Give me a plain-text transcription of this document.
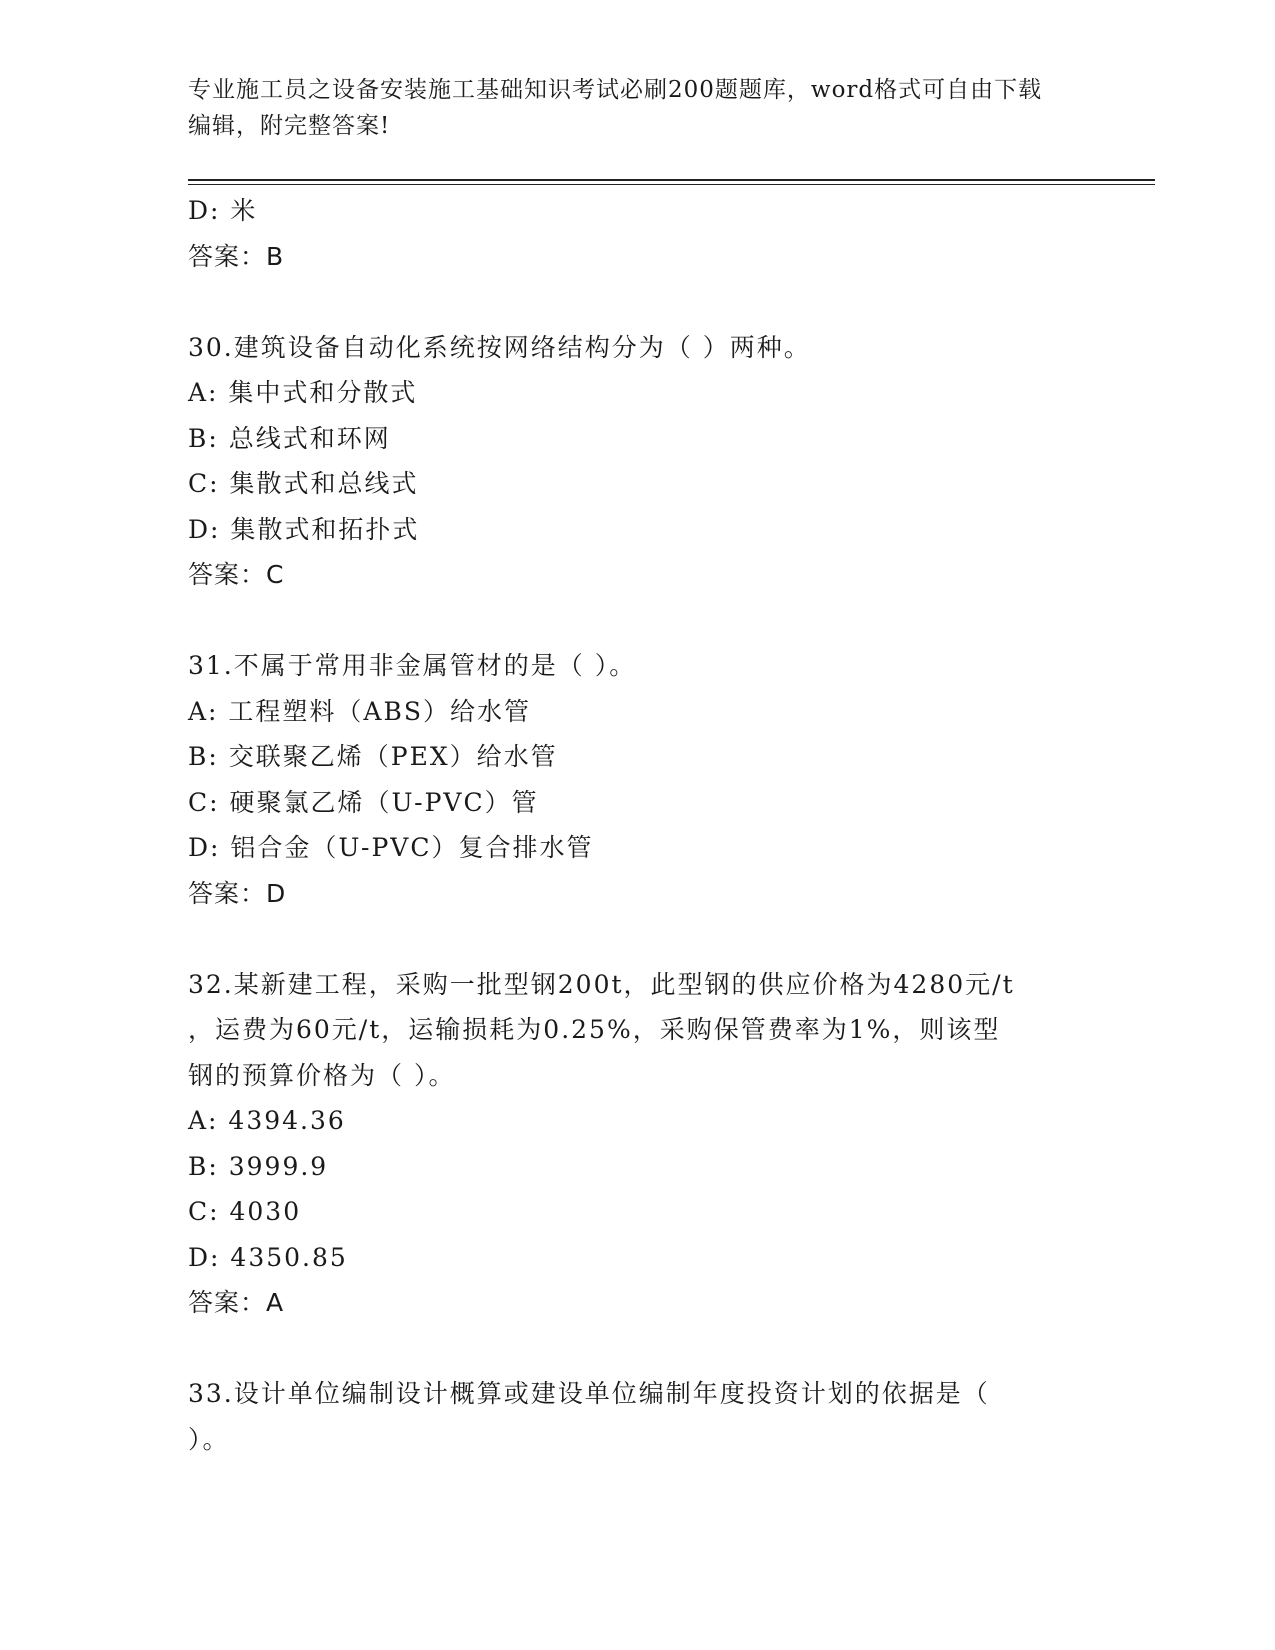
专业施工员之设备安装施工基础知识考试必刷200题题库，word格式可自由下载
编辑，附完整答案!
D: 米
答案：B
30.建筑设备自动化系统按网络结构分为（ ）两种。
A: 集中式和分散式
B: 总线式和环网
C: 集散式和总线式
D: 集散式和拓扑式
答案：C
31.不属于常用非金属管材的是（ ）。
A: 工程塑料（ABS）给水管
B: 交联聚乙烯（PEX）给水管
C: 硬聚氯乙烯（U-PVC）管
D: 铝合金（U-PVC）复合排水管
答案：D
32.某新建工程，采购一批型钢200t，此型钢的供应价格为4280元/t
，运费为60元/t，运输损耗为0.25%，采购保管费率为1%，则该型
钢的预算价格为（ ）。
A: 4394.36
B: 3999.9
C: 4030
D: 4350.85
答案：A
33.设计单位编制设计概算或建设单位编制年度投资计划的依据是（
）。
